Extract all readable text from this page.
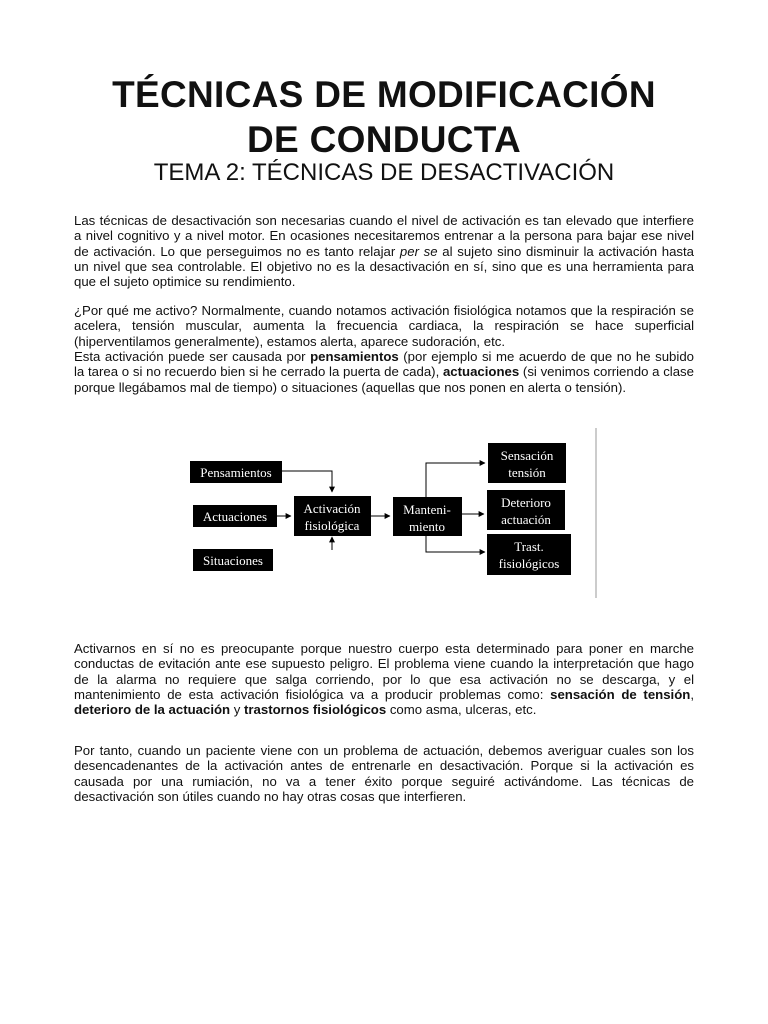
TÉCNICAS DE MODIFICACIÓN
DE CONDUCTA
TEMA 2: TÉCNICAS DE DESACTIVACIÓN

Las técnicas de desactivación son necesarias cuando el nivel de activación es tan elevado que interfiere a nivel cognitivo y a nivel motor. En ocasiones necesitaremos entrenar a la persona para bajar ese nivel de activación. Lo que perseguimos no es tanto relajar per se al sujeto sino disminuir la activación hasta un nivel que sea controlable. El objetivo no es la desactivación en sí, sino que es una herramienta para que el sujeto optimice su rendimiento.

¿Por qué me activo? Normalmente, cuando notamos activación fisiológica notamos que la respiración se acelera, tensión muscular, aumenta la frecuencia cardiaca, la respiración se hace superficial (hiperventilamos generalmente), estamos alerta, aparece sudoración, etc.

Esta activación puede ser causada por pensamientos (por ejemplo si me acuerdo de que no he subido la tarea o si no recuerdo bien si he cerrado la puerta de cada), actuaciones (si venimos corriendo a clase porque llegábamos mal de tiempo) o situaciones (aquellas que nos ponen en alerta o tensión).

Pensamientos
Actuaciones
Situaciones
Activación
fisiológica
Manteni-
miento
Sensación
tensión
Deterioro
actuación
Trast.
fisiológicos

Activarnos en sí no es preocupante porque nuestro cuerpo esta determinado para poner en marche conductas de evitación ante ese supuesto peligro. El problema viene cuando la interpretación que hago de la alarma no requiere que salga corriendo, por lo que esa activación no se descarga, y el mantenimiento de esta activación fisiológica va a producir problemas como: sensación de tensión, deterioro de la actuación y trastornos fisiológicos como asma, ulceras, etc.

Por tanto, cuando un paciente viene con un problema de actuación, debemos averiguar cuales son los desencadenantes de la activación antes de entrenarle en desactivación. Porque si la activación es causada por una rumiación, no va a tener éxito porque seguiré activándome. Las técnicas de desactivación son útiles cuando no hay otras cosas que interfieren.
